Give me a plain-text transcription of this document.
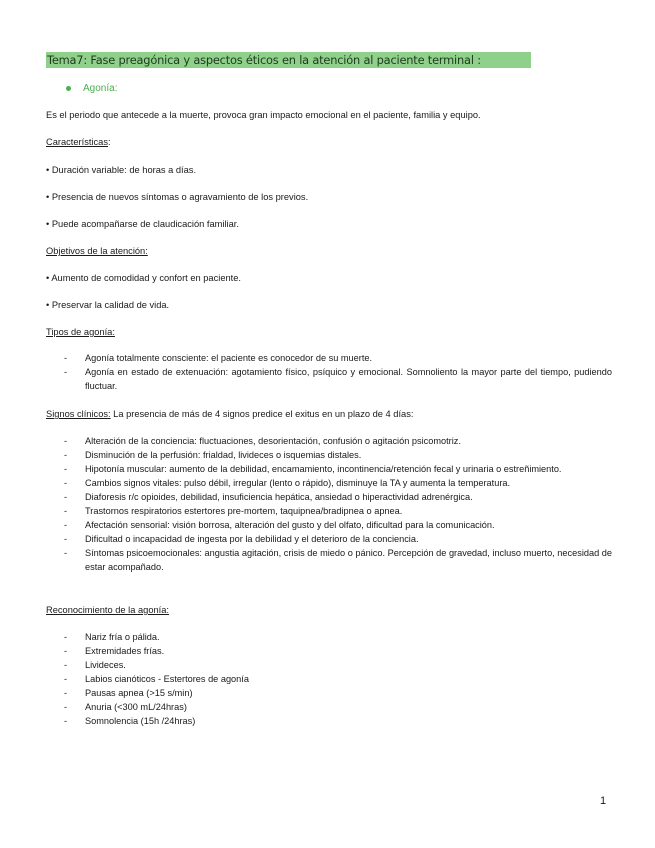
Tema7: Fase preagónica y aspectos éticos en la atención al paciente terminal :
Agonía:
Es el periodo que antecede a la muerte, provoca gran impacto emocional en el paciente, familia y equipo.
Características:
• Duración variable: de horas a días.
• Presencia de nuevos síntomas o agravamiento de los previos.
• Puede acompañarse de claudicación familiar.
Objetivos de la atención:
• Aumento de comodidad y confort en paciente.
• Preservar la calidad de vida.
Tipos de agonía:
- Agonía totalmente consciente: el paciente es conocedor de su muerte.
- Agonía en estado de extenuación: agotamiento físico, psíquico y emocional. Somnoliento la mayor parte del tiempo, pudiendo fluctuar.
Signos clínicos: La presencia de más de 4 signos predice el exitus en un plazo de 4 días:
- Alteración de la conciencia: fluctuaciones, desorientación, confusión o agitación psicomotriz.
- Disminución de la perfusión: frialdad, livideces o isquemias distales.
- Hipotonía muscular: aumento de la debilidad, encamamiento, incontinencia/retención fecal y urinaria o estreñimiento.
- Cambios signos vitales: pulso débil, irregular (lento o rápido), disminuye la TA y aumenta la temperatura.
- Diaforesis r/c opioides, debilidad, insuficiencia hepática, ansiedad o hiperactividad adrenérgica.
- Trastornos respiratorios estertores pre-mortem, taquipnea/bradipnea o apnea.
- Afectación sensorial: visión borrosa, alteración del gusto y del olfato, dificultad para la comunicación.
- Dificultad o incapacidad de ingesta por la debilidad y el deterioro de la conciencia.
- Síntomas psicoemocionales: angustia agitación, crisis de miedo o pánico. Percepción de gravedad, incluso muerto, necesidad de estar acompañado.
Reconocimiento de la agonía:
- Nariz fría o pálida.
- Extremidades frías.
- Livideces.
- Labios cianóticos - Estertores de agonía
- Pausas apnea (>15 s/min)
- Anuria (<300 mL/24hras)
- Somnolencia (15h /24hras)
1
